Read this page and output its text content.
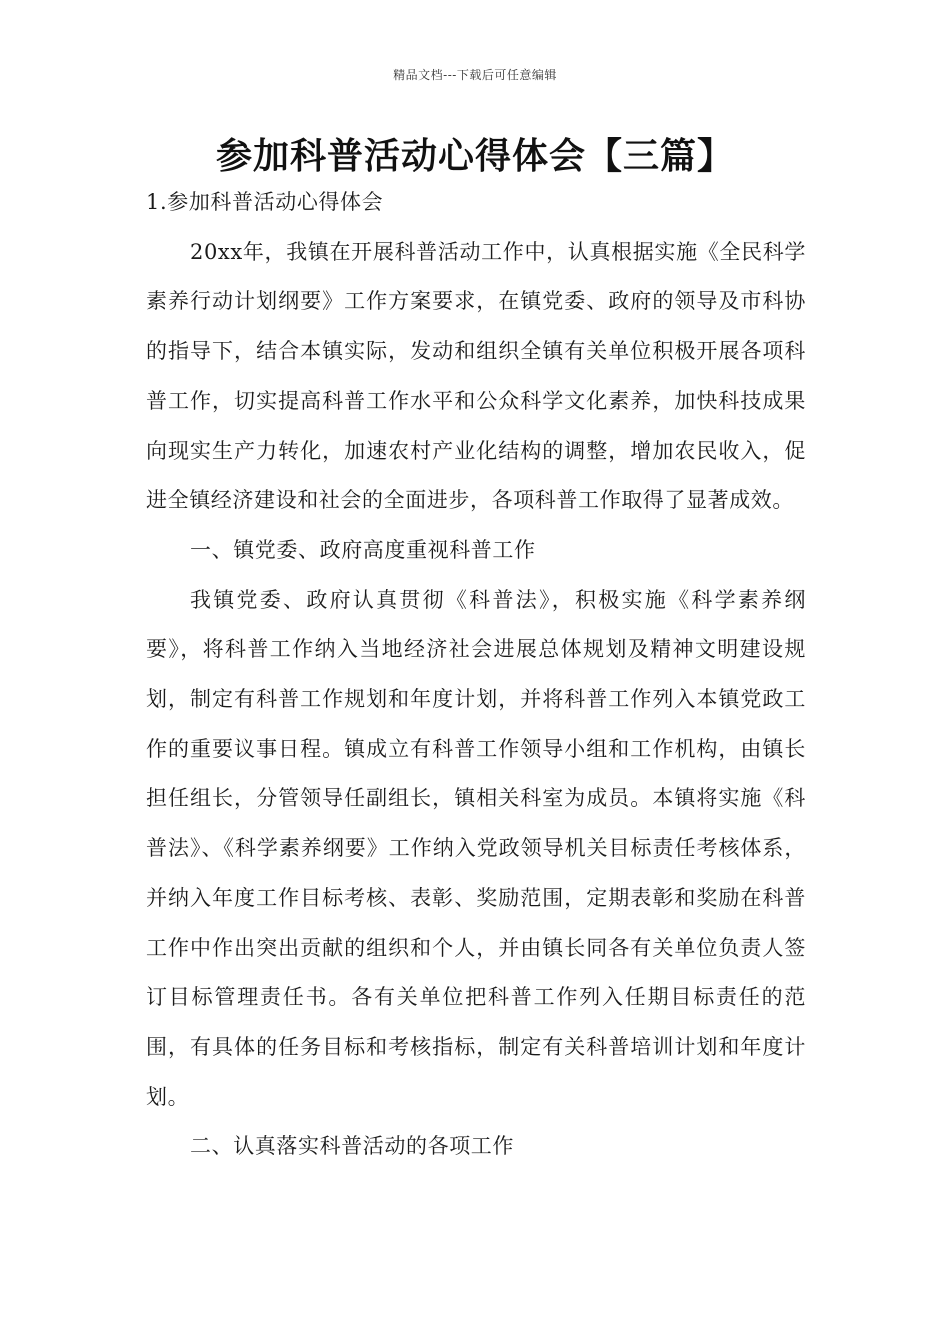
精品文档---下载后可任意编辑
参加科普活动心得体会【三篇】

1.参加科普活动心得体会

20xx年，我镇在开展科普活动工作中，认真根据实施《全民科学素养行动计划纲要》工作方案要求，在镇党委、政府的领导及市科协的指导下，结合本镇实际，发动和组织全镇有关单位积极开展各项科普工作，切实提高科普工作水平和公众科学文化素养，加快科技成果向现实生产力转化，加速农村产业化结构的调整，增加农民收入，促进全镇经济建设和社会的全面进步，各项科普工作取得了显著成效。

一、镇党委、政府高度重视科普工作

我镇党委、政府认真贯彻《科普法》，积极实施《科学素养纲要》，将科普工作纳入当地经济社会进展总体规划及精神文明建设规划，制定有科普工作规划和年度计划，并将科普工作列入本镇党政工作的重要议事日程。镇成立有科普工作领导小组和工作机构，由镇长担任组长，分管领导任副组长，镇相关科室为成员。本镇将实施《科普法》、《科学素养纲要》工作纳入党政领导机关目标责任考核体系，并纳入年度工作目标考核、表彰、奖励范围，定期表彰和奖励在科普工作中作出突出贡献的组织和个人，并由镇长同各有关单位负责人签订目标管理责任书。各有关单位把科普工作列入任期目标责任的范围，有具体的任务目标和考核指标，制定有关科普培训计划和年度计划。

二、认真落实科普活动的各项工作
